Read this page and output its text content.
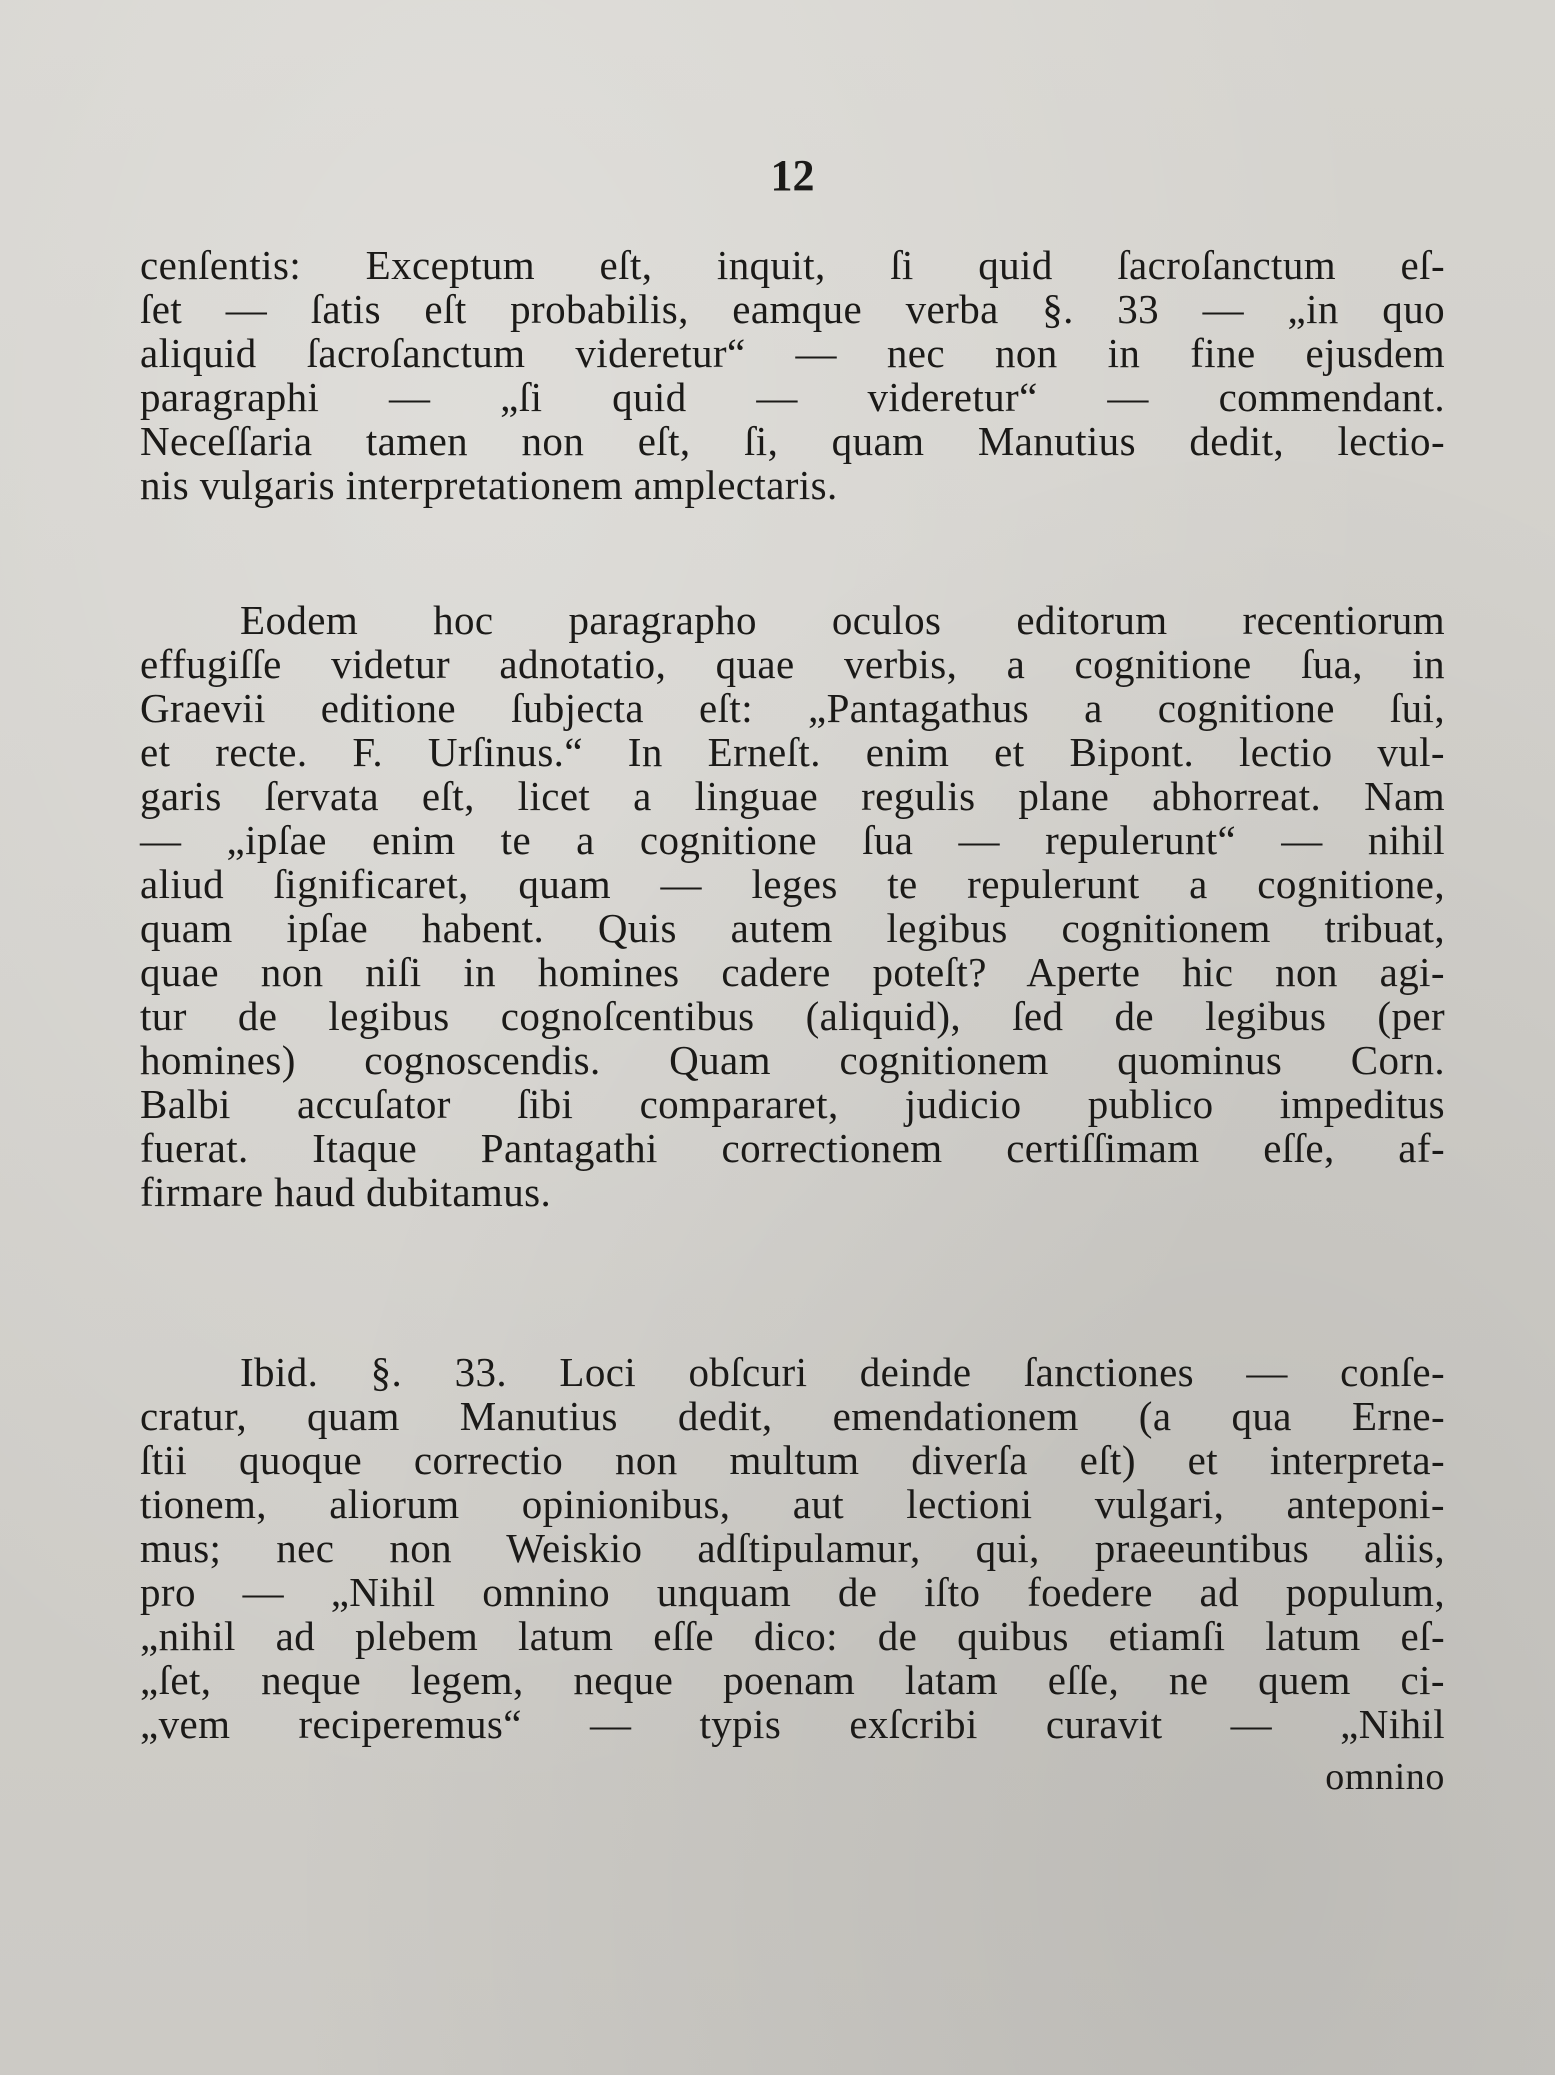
12
cenſentis: Exceptum eſt, inquit, ſi quid ſacroſanctum eſ-
ſet — ſatis eſt probabilis, eamque verba §. 33 — „in quo
aliquid ſacroſanctum videretur“ — nec non in fine ejusdem
paragraphi — „ſi quid — videretur“ — commendant.
Neceſſaria tamen non eſt, ſi, quam Manutius dedit, lectio-
nis vulgaris interpretationem amplectaris.
Eodem hoc paragrapho oculos editorum recentiorum
effugiſſe videtur adnotatio, quae verbis, a cognitione ſua, in
Graevii editione ſubjecta eſt: „Pantagathus a cognitione ſui,
et recte. F. Urſinus.“ In Erneſt. enim et Bipont. lectio vul-
garis ſervata eſt, licet a linguae regulis plane abhorreat. Nam
— „ipſae enim te a cognitione ſua — repulerunt“ — nihil
aliud ſignificaret, quam — leges te repulerunt a cognitione,
quam ipſae habent. Quis autem legibus cognitionem tribuat,
quae non niſi in homines cadere poteſt? Aperte hic non agi-
tur de legibus cognoſcentibus (aliquid), ſed de legibus (per
homines) cognoscendis. Quam cognitionem quominus Corn.
Balbi accuſator ſibi compararet, judicio publico impeditus
fuerat. Itaque Pantagathi correctionem certiſſimam eſſe, af-
firmare haud dubitamus.
Ibid. §. 33. Loci obſcuri deinde ſanctiones — conſe-
cratur, quam Manutius dedit, emendationem (a qua Erne-
ſtii quoque correctio non multum diverſa eſt) et interpreta-
tionem, aliorum opinionibus, aut lectioni vulgari, anteponi-
mus; nec non Weiskio adſtipulamur, qui, praeeuntibus aliis,
pro — „Nihil omnino unquam de iſto foedere ad populum,
„nihil ad plebem latum eſſe dico: de quibus etiamſi latum eſ-
„ſet, neque legem, neque poenam latam eſſe, ne quem ci-
„vem reciperemus“ — typis exſcribi curavit — „Nihil
omnino
